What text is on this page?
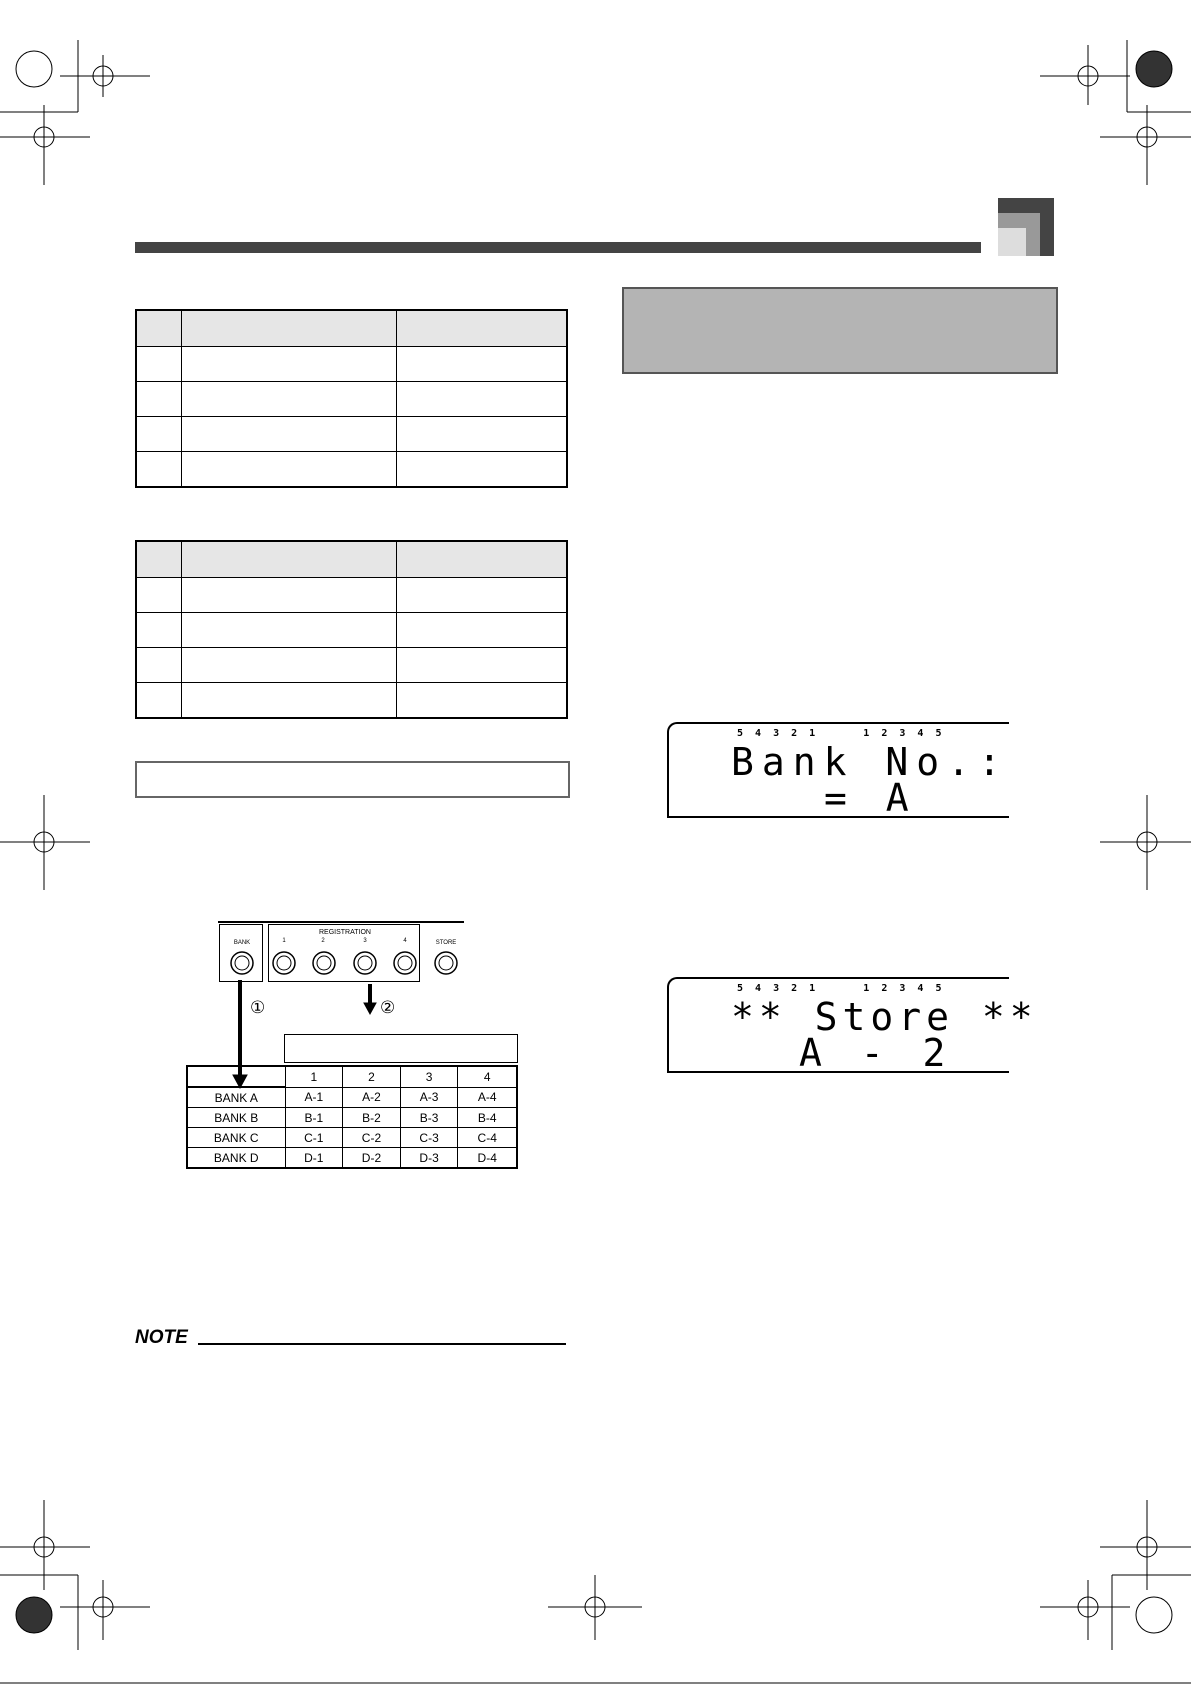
REGISTRATION
BANK	1	2	3	4	STORE
①	②
	1	2	3	4
BANK A	A-1	A-2	A-3	A-4
BANK B	B-1	B-2	B-3	B-4
BANK C	C-1	C-2	C-3	C-4
BANK D	D-1	D-2	D-3	D-4
NOTE
5 4 3 2 1     1 2 3 4 5
Bank No.:
= A
5 4 3 2 1     1 2 3 4 5
** Store **
A - 2
